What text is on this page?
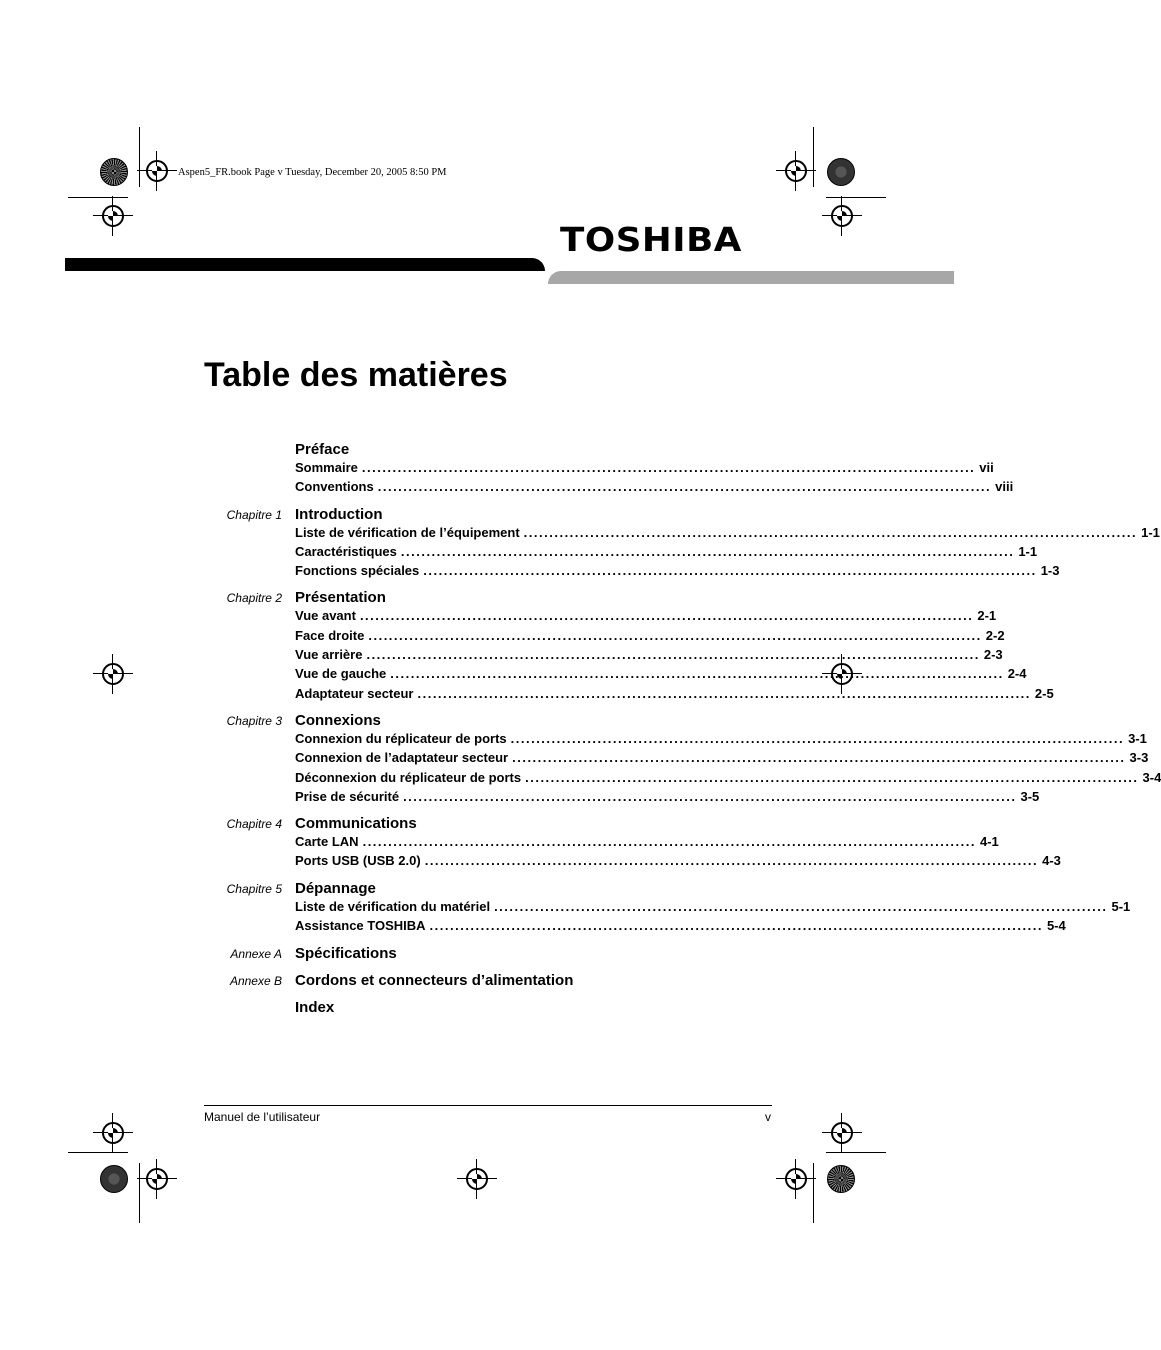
Aspen5_FR.book Page v Tuesday, December 20, 2005 8:50 PM
TOSHIBA
Table des matières
Préface
Sommaire ........................................................................................................................ vii
Conventions ........................................................................................................................ viii
Chapitre 1 Introduction
Liste de vérification de l’équipement ........................................................................................................................ 1-1
Caractéristiques ........................................................................................................................ 1-1
Fonctions spéciales ........................................................................................................................ 1-3
Chapitre 2 Présentation
Vue avant ........................................................................................................................ 2-1
Face droite ........................................................................................................................ 2-2
Vue arrière ........................................................................................................................ 2-3
Vue de gauche ........................................................................................................................ 2-4
Adaptateur secteur ........................................................................................................................ 2-5
Chapitre 3 Connexions
Connexion du réplicateur de ports ........................................................................................................................ 3-1
Connexion de l’adaptateur secteur ........................................................................................................................ 3-3
Déconnexion du réplicateur de ports ........................................................................................................................ 3-4
Prise de sécurité ........................................................................................................................ 3-5
Chapitre 4 Communications
Carte LAN ........................................................................................................................ 4-1
Ports USB (USB 2.0) ........................................................................................................................ 4-3
Chapitre 5 Dépannage
Liste de vérification du matériel ........................................................................................................................ 5-1
Assistance TOSHIBA ........................................................................................................................ 5-4
Annexe A Spécifications
Annexe B Cordons et connecteurs d’alimentation
Index
Manuel de l’utilisateur	v
